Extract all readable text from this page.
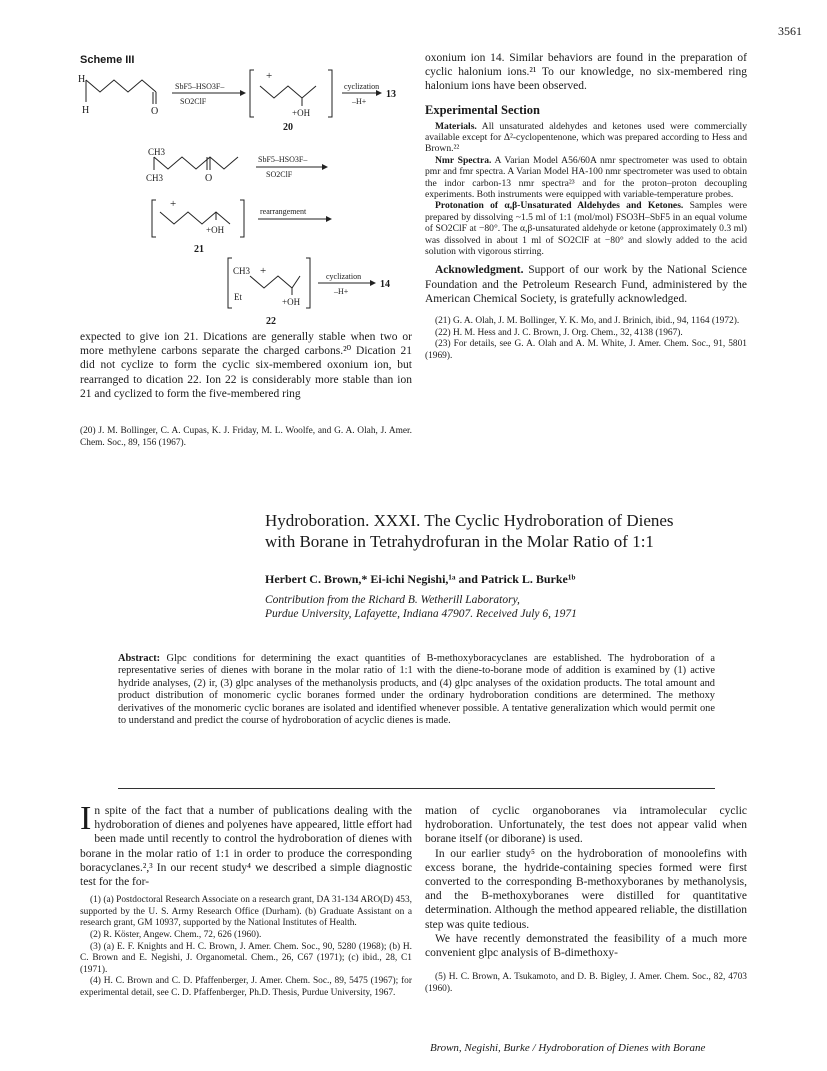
3561
Scheme III
H
H	O
SbF5–HSO3F–
SO2ClF
+
+OH
cyclization
–H+
13
20
CH3
CH3	O
SbF5–HSO3F–
SO2ClF
+
+OH
rearrangement
21
CH3 +
Et	+OH
cyclization
–H+
14
22
expected to give ion 21. Dications are generally stable when two or more methylene carbons separate the charged carbons.²⁰ Dication 21 did not cyclize to form the cyclic six-membered oxonium ion, but rearranged to dication 22. Ion 22 is considerably more stable than ion 21 and cyclized to form the five-membered ring
(20) J. M. Bollinger, C. A. Cupas, K. J. Friday, M. L. Woolfe, and G. A. Olah, J. Amer. Chem. Soc., 89, 156 (1967).

oxonium ion 14. Similar behaviors are found in the preparation of cyclic halonium ions.²¹ To our knowledge, no six-membered ring halonium ions have been observed.

Experimental Section

Materials. All unsaturated aldehydes and ketones used were commercially available except for Δ²-cyclopentenone, which was prepared according to Hess and Brown.²²

Nmr Spectra. A Varian Model A56/60A nmr spectrometer was used to obtain pmr and fmr spectra. A Varian Model HA-100 nmr spectrometer was used to obtain the indor carbon-13 nmr spectra²³ and for the proton–proton decoupling experiments. Both instruments were equipped with variable-temperature probes.

Protonation of α,β-Unsaturated Aldehydes and Ketones. Samples were prepared by dissolving ~1.5 ml of 1:1 (mol/mol) FSO3H–SbF5 in an equal volume of SO2ClF at −80°. The α,β-unsaturated aldehyde or ketone (approximately 0.3 ml) was dissolved in about 1 ml of SO2ClF at −80° and slowly added to the acid solution with vigorous stirring.

Acknowledgment. Support of our work by the National Science Foundation and the Petroleum Research Fund, administered by the American Chemical Society, is gratefully acknowledged.

(21) G. A. Olah, J. M. Bollinger, Y. K. Mo, and J. Brinich, ibid., 94, 1164 (1972).

(22) H. M. Hess and J. C. Brown, J. Org. Chem., 32, 4138 (1967).

(23) For details, see G. A. Olah and A. M. White, J. Amer. Chem. Soc., 91, 5801 (1969).

Hydroboration. XXXI. The Cyclic Hydroboration of Dienes
with Borane in Tetrahydrofuran in the Molar Ratio of 1:1
Herbert C. Brown,* Ei-ichi Negishi,¹ᵃ and Patrick L. Burke¹ᵇ
Contribution from the Richard B. Wetherill Laboratory,
Purdue University, Lafayette, Indiana 47907. Received July 6, 1971
Abstract: Glpc conditions for determining the exact quantities of B-methoxyboracyclanes are established. The hydroboration of a representative series of dienes with borane in the molar ratio of 1:1 with the diene-to-borane mode of addition is examined by (1) active hydride analyses, (2) ir, (3) glpc analyses of the methanolysis products, and (4) glpc analyses of the oxidation products. The total amount and product distribution of monomeric cyclic boranes formed under the ordinary hydroboration conditions are determined. The methoxy derivatives of the monomeric cyclic boranes are isolated and identified whenever possible. A tentative generalization which would permit one to understand and predict the course of hydroboration of acyclic dienes is made.

In spite of the fact that a number of publications dealing with the hydroboration of dienes and polyenes have appeared, little effort had been made until recently to control the hydroboration of dienes with borane in the molar ratio of 1:1 in order to produce the corresponding boracyclanes.²,³ In our recent study⁴ we described a simple diagnostic test for the for-

(1) (a) Postdoctoral Research Associate on a research grant, DA 31-134 ARO(D) 453, supported by the U. S. Army Research Office (Durham). (b) Graduate Assistant on a research grant, GM 10937, supported by the National Institutes of Health.

(2) R. Köster, Angew. Chem., 72, 626 (1960).

(3) (a) E. F. Knights and H. C. Brown, J. Amer. Chem. Soc., 90, 5280 (1968); (b) H. C. Brown and E. Negishi, J. Organometal. Chem., 26, C67 (1971); (c) ibid., 28, C1 (1971).

(4) H. C. Brown and C. D. Pfaffenberger, J. Amer. Chem. Soc., 89, 5475 (1967); for experimental detail, see C. D. Pfaffenberger, Ph.D. Thesis, Purdue University, 1967.

mation of cyclic organoboranes via intramolecular cyclic hydroboration. Unfortunately, the test does not appear valid when borane itself (or diborane) is used.

In our earlier study⁵ on the hydroboration of monoolefins with excess borane, the hydride-containing species formed were first converted to the corresponding B-methoxyboranes by methanolysis, and the B-methoxyboranes were distilled for quantitative determination. Although the method appeared reliable, the distillation step was quite tedious.

We have recently demonstrated the feasibility of a much more convenient glpc analysis of B-dimethoxy-

(5) H. C. Brown, A. Tsukamoto, and D. B. Bigley, J. Amer. Chem. Soc., 82, 4703 (1960).

Brown, Negishi, Burke / Hydroboration of Dienes with Borane
